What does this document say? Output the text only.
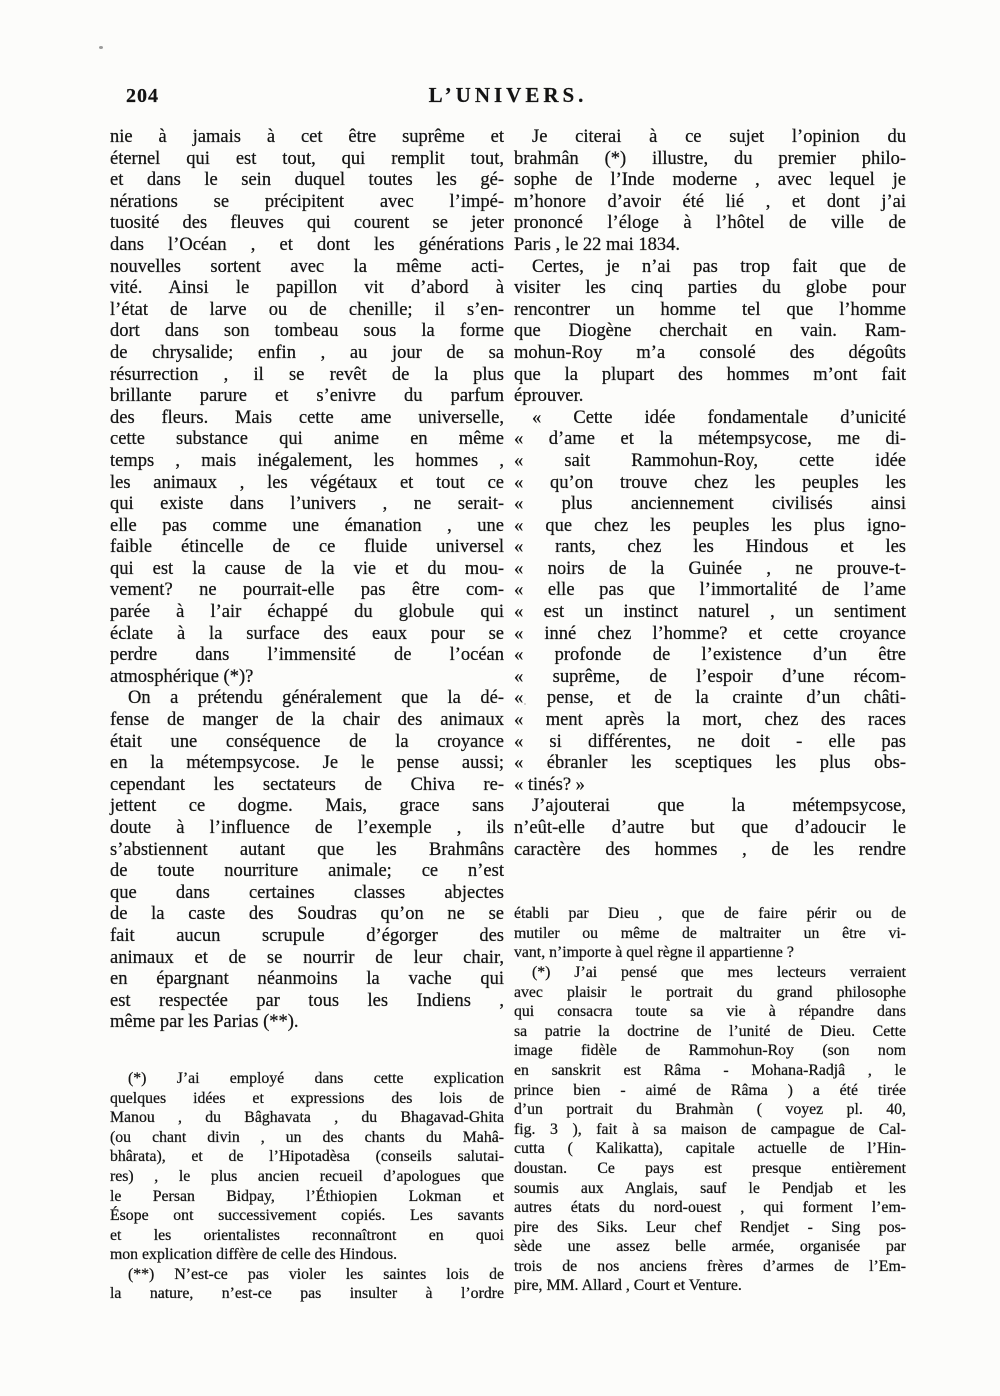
204	L’UNIVERS.
nie à jamais à cet être suprême et
éternel qui est tout, qui remplit tout,
et dans le sein duquel toutes les gé-
nérations se précipitent avec l’impé-
tuosité des fleuves qui courent se jeter
dans l’Océan , et dont les générations
nouvelles sortent avec la même acti-
vité. Ainsi le papillon vit d’abord à
l’état de larve ou de chenille; il s’en-
dort dans son tombeau sous la forme
de chrysalide; enfin , au jour de sa
résurrection , il se revêt de la plus
brillante parure et s’enivre du parfum
des fleurs. Mais cette ame universelle,
cette substance qui anime en même
temps , mais inégalement, les hommes ,
les animaux , les végétaux et tout ce
qui existe dans l’univers , ne serait-
elle pas comme une émanation , une
faible étincelle de ce fluide universel
qui est la cause de la vie et du mou-
vement? ne pourrait-elle pas être com-
parée à l’air échappé du globule qui
éclate à la surface des eaux pour se
perdre dans l’immensité de l’océan
atmosphérique (*)?
On a prétendu généralement que la dé-
fense de manger de la chair des animaux
était une conséquence de la croyance
en la métempsycose. Je le pense aussi;
cependant les sectateurs de Chiva re-
jettent ce dogme. Mais, grace sans
doute à l’influence de l’exemple , ils
s’abstiennent autant que les Brahmâns
de toute nourriture animale; ce n’est
que dans certaines classes abjectes
de la caste des Soudras qu’on ne se
fait aucun scrupule d’égorger des
animaux et de se nourrir de leur chair,
en épargnant néanmoins la vache qui
est respectée par tous les Indiens ,
même par les Parias (**).
(*) J’ai employé dans cette explication
quelques idées et expressions des lois de
Manou , du Bâghavata , du Bhagavad-Ghita
(ou chant divin , un des chants du Mahâ-
bhârata), et de l’Hipotadèsa (conseils salutai-
res) , le plus ancien recueil d’apologues que
le Persan Bidpay, l’Éthiopien Lokman et
Ésope ont successivement copiés. Les savants
et les orientalistes reconnaîtront en quoi
mon explication diffère de celle des Hindous.
(**) N’est-ce pas violer les saintes lois de
la nature, n’est-ce pas insulter à l’ordre
Je citerai à ce sujet l’opinion du
brahmân (*) illustre, du premier philo-
sophe de l’Inde moderne , avec lequel je
m’honore d’avoir été lié , et dont j’ai
prononcé l’éloge à l’hôtel de ville de
Paris , le 22 mai 1834.
Certes, je n’ai pas trop fait que de
visiter les cinq parties du globe pour
rencontrer un homme tel que l’homme
que Diogène cherchait en vain. Ram-
mohun-Roy m’a consolé des dégoûts
que la plupart des hommes m’ont fait
éprouver.
« Cette idée fondamentale d’unicité
« d’ame et la métempsycose, me di-
« sait Rammohun-Roy, cette idée
« qu’on trouve chez les peuples les
« plus anciennement civilisés ainsi
« que chez les peuples les plus igno-
« rants, chez les Hindous et les
« noirs de la Guinée , ne prouve-t-
« elle pas que l’immortalité de l’ame
« est un instinct naturel , un sentiment
« inné chez l’homme? et cette croyance
« profonde de l’existence d’un être
« suprême, de l’espoir d’une récom-
« pense, et de la crainte d’un châti-
« ment après la mort, chez des races
« si différentes, ne doit - elle pas
« ébranler les sceptiques les plus obs-
« tinés? »
J’ajouterai que la métempsycose,
n’eût-elle d’autre but que d’adoucir le
caractère des hommes , de les rendre
établi par Dieu , que de faire périr ou de
mutiler ou même de maltraiter un être vi-
vant, n’importe à quel règne il appartienne ?
(*) J’ai pensé que mes lecteurs verraient
avec plaisir le portrait du grand philosophe
qui consacra toute sa vie à répandre dans
sa patrie la doctrine de l’unité de Dieu. Cette
image fidèle de Rammohun-Roy (son nom
en sanskrit est Râma - Mohana-Radjâ , le
prince bien - aimé de Râma ) a été tirée
d’un portrait du Brahmàn ( voyez pl. 40,
fig. 3 ), fait à sa maison de campague de Cal-
cutta ( Kalikatta), capitale actuelle de l’Hin-
doustan. Ce pays est presque entièrement
soumis aux Anglais, sauf le Pendjab et les
autres états du nord-ouest , qui forment l’em-
pire des Siks. Leur chef Rendjet - Sing pos-
sède une assez belle armée, organisée par
trois de nos anciens frères d’armes de l’Em-
pire, MM. Allard , Court et Venture.
